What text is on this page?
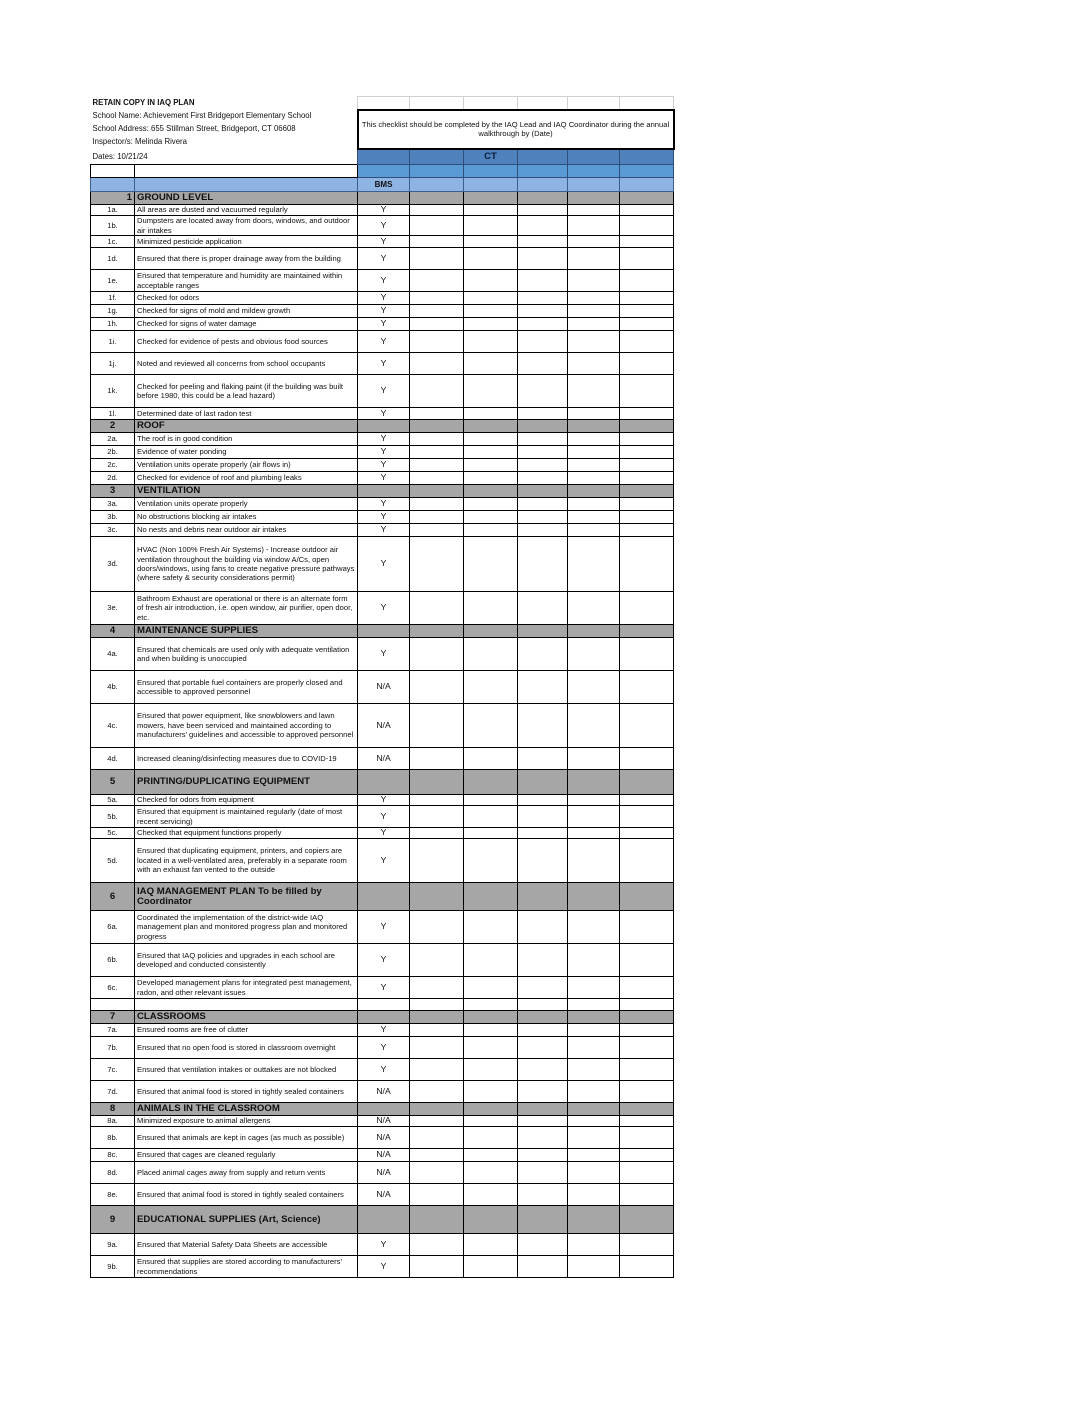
RETAIN COPY IN IAQ PLAN							
School Name: Achievement First Bridgeport Elementary School		This checklist should be completed by the IAQ Lead and IAQ Coordinator during the annual walkthrough by (Date)					
School Address: 655 Stillman Street, Bridgeport, CT 06608							
Inspector/s: Melinda Rivera							
Dates: 10/21/24				CT			

		BMS					
1	GROUND LEVEL						
1a.	All areas are dusted and vacuumed regularly	Y					
1b.	Dumpsters are located away from doors, windows, and outdoor air intakes	Y					
1c.	Minimized pesticide application	Y					
1d.	Ensured that there is proper drainage away from the building	Y					
1e.	Ensured that temperature and humidity are maintained within acceptable ranges	Y					
1f.	Checked for odors	Y					
1g.	Checked for signs of mold and mildew growth	Y					
1h.	Checked for signs of water damage	Y					
1i.	Checked for evidence of pests and obvious food sources	Y					
1j.	Noted and reviewed all concerns from school occupants	Y					
1k.	Checked for peeling and flaking paint (if the building was built before 1980, this could be a lead hazard)	Y					
1l.	Determined date of last radon test	Y					
2	ROOF						
2a.	The roof is in good condition	Y					
2b.	Evidence of water ponding	Y					
2c.	Ventilation units operate properly (air flows in)	Y					
2d.	Checked for evidence of roof and plumbing leaks	Y					
3	VENTILATION						
3a.	Ventilation units operate properly	Y					
3b.	No obstructions blocking air intakes	Y					
3c.	No nests and debris near outdoor air intakes	Y					
3d.	HVAC (Non 100% Fresh Air Systems) - Increase outdoor air ventilation throughout the building via window A/Cs, open doors/windows, using fans to create negative pressure pathways (where safety & security considerations permit)	Y					
3e.	Bathroom Exhaust are operational or there is an alternate form of fresh air introduction, i.e. open window, air purifier, open door, etc.	Y					
4	MAINTENANCE SUPPLIES						
4a.	Ensured that chemicals are used only with adequate ventilation and when building is unoccupied	Y					
4b.	Ensured that portable fuel containers are properly closed and accessible to approved personnel	N/A					
4c.	Ensured that power equipment, like snowblowers and lawn mowers, have been serviced and maintained according to manufacturers’ guidelines and accessible to approved personnel	N/A					
4d.	Increased cleaning/disinfecting measures due to COVID-19	N/A					
5	PRINTING/DUPLICATING EQUIPMENT						
5a.	Checked for odors from equipment	Y					
5b.	Ensured that equipment is maintained regularly (date of most recent servicing)	Y					
5c.	Checked that equipment functions properly	Y					
5d.	Ensured that duplicating equipment, printers, and copiers are located in a well-ventilated area, preferably in a separate room with an exhaust fan vented to the outside	Y					
6	IAQ MANAGEMENT PLAN To be filled by Coordinator						
6a.	Coordinated the implementation of the district-wide IAQ management plan and monitored progress plan and monitored progress	Y					
6b.	Ensured that IAQ policies and upgrades in each school are developed and conducted consistently	Y					
6c.	Developed management plans for integrated pest management, radon, and other relevant issues	Y					

7	CLASSROOMS						
7a.	Ensured rooms are free of clutter	Y					
7b.	Ensured that no open food is stored in classroom overnight	Y					
7c.	Ensured that ventilation intakes or outtakes are not blocked	Y					
7d.	Ensured that animal food is stored in tightly sealed containers	N/A					
8	ANIMALS IN THE CLASSROOM						
8a.	Minimized exposure to animal allergens	N/A					
8b.	Ensured that animals are kept in cages (as much as possible)	N/A					
8c.	Ensured that cages are cleaned regularly	N/A					
8d.	Placed animal cages away from supply and return vents	N/A					
8e.	Ensured that animal food is stored in tightly sealed containers	N/A					
9	EDUCATIONAL SUPPLIES (Art, Science)						
9a.	Ensured that Material Safety Data Sheets are accessible	Y					
9b.	Ensured that supplies are stored according to manufacturers’ recommendations	Y					
